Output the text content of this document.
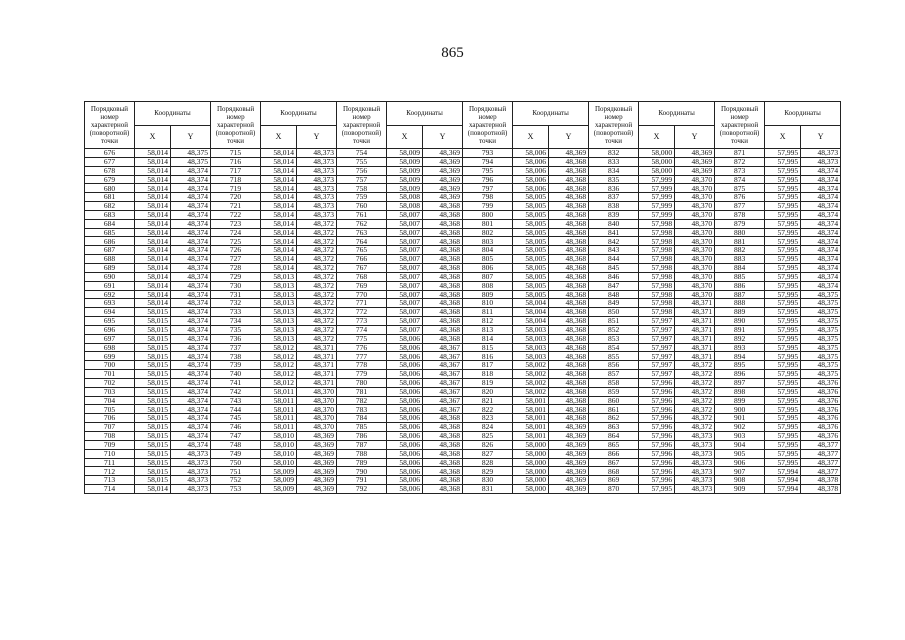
865
Порядковый номер характерной (поворотной) точки	Координаты		Порядковый номер характерной (поворотной) точки	Координаты		Порядковый номер характерной (поворотной) точки	Координаты		Порядковый номер характерной (поворотной) точки	Координаты		Порядковый номер характерной (поворотной) точки	Координаты		Порядковый номер характерной (поворотной) точки	Координаты	
	X	Y		X	Y		X	Y		X	Y		X	Y		X	Y
676	58,014	48,375	715	58,014	48,373	754	58,009	48,369	793	58,006	48,369	832	58,000	48,369	871	57,995	48,373
677	58,014	48,375	716	58,014	48,373	755	58,009	48,369	794	58,006	48,368	833	58,000	48,369	872	57,995	48,373
678	58,014	48,374	717	58,014	48,373	756	58,009	48,369	795	58,006	48,368	834	58,000	48,369	873	57,995	48,374
679	58,014	48,374	718	58,014	48,373	757	58,009	48,369	796	58,006	48,368	835	57,999	48,370	874	57,995	48,374
680	58,014	48,374	719	58,014	48,373	758	58,009	48,369	797	58,006	48,368	836	57,999	48,370	875	57,995	48,374
681	58,014	48,374	720	58,014	48,373	759	58,008	48,369	798	58,005	48,368	837	57,999	48,370	876	57,995	48,374
682	58,014	48,374	721	58,014	48,373	760	58,008	48,368	799	58,005	48,368	838	57,999	48,370	877	57,995	48,374
683	58,014	48,374	722	58,014	48,373	761	58,007	48,368	800	58,005	48,368	839	57,999	48,370	878	57,995	48,374
684	58,014	48,374	723	58,014	48,372	762	58,007	48,368	801	58,005	48,368	840	57,998	48,370	879	57,995	48,374
685	58,014	48,374	724	58,014	48,372	763	58,007	48,368	802	58,005	48,368	841	57,998	48,370	880	57,995	48,374
686	58,014	48,374	725	58,014	48,372	764	58,007	48,368	803	58,005	48,368	842	57,998	48,370	881	57,995	48,374
687	58,014	48,374	726	58,014	48,372	765	58,007	48,368	804	58,005	48,368	843	57,998	48,370	882	57,995	48,374
688	58,014	48,374	727	58,014	48,372	766	58,007	48,368	805	58,005	48,368	844	57,998	48,370	883	57,995	48,374
689	58,014	48,374	728	58,014	48,372	767	58,007	48,368	806	58,005	48,368	845	57,998	48,370	884	57,995	48,374
690	58,014	48,374	729	58,013	48,372	768	58,007	48,368	807	58,005	48,368	846	57,998	48,370	885	57,995	48,374
691	58,014	48,374	730	58,013	48,372	769	58,007	48,368	808	58,005	48,368	847	57,998	48,370	886	57,995	48,374
692	58,014	48,374	731	58,013	48,372	770	58,007	48,368	809	58,005	48,368	848	57,998	48,370	887	57,995	48,375
693	58,014	48,374	732	58,013	48,372	771	58,007	48,368	810	58,004	48,368	849	57,998	48,371	888	57,995	48,375
694	58,015	48,374	733	58,013	48,372	772	58,007	48,368	811	58,004	48,368	850	57,998	48,371	889	57,995	48,375
695	58,015	48,374	734	58,013	48,372	773	58,007	48,368	812	58,004	48,368	851	57,997	48,371	890	57,995	48,375
696	58,015	48,374	735	58,013	48,372	774	58,007	48,368	813	58,003	48,368	852	57,997	48,371	891	57,995	48,375
697	58,015	48,374	736	58,013	48,372	775	58,006	48,368	814	58,003	48,368	853	57,997	48,371	892	57,995	48,375
698	58,015	48,374	737	58,012	48,371	776	58,006	48,367	815	58,003	48,368	854	57,997	48,371	893	57,995	48,375
699	58,015	48,374	738	58,012	48,371	777	58,006	48,367	816	58,003	48,368	855	57,997	48,371	894	57,995	48,375
700	58,015	48,374	739	58,012	48,371	778	58,006	48,367	817	58,002	48,368	856	57,997	48,372	895	57,995	48,375
701	58,015	48,374	740	58,012	48,371	779	58,006	48,367	818	58,002	48,368	857	57,997	48,372	896	57,995	48,375
702	58,015	48,374	741	58,012	48,371	780	58,006	48,367	819	58,002	48,368	858	57,996	48,372	897	57,995	48,376
703	58,015	48,374	742	58,011	48,370	781	58,006	48,367	820	58,002	48,368	859	57,996	48,372	898	57,995	48,376
704	58,015	48,374	743	58,011	48,370	782	58,006	48,367	821	58,001	48,368	860	57,996	48,372	899	57,995	48,376
705	58,015	48,374	744	58,011	48,370	783	58,006	48,367	822	58,001	48,368	861	57,996	48,372	900	57,995	48,376
706	58,015	48,374	745	58,011	48,370	784	58,006	48,368	823	58,001	48,368	862	57,996	48,372	901	57,995	48,376
707	58,015	48,374	746	58,011	48,370	785	58,006	48,368	824	58,001	48,369	863	57,996	48,372	902	57,995	48,376
708	58,015	48,374	747	58,010	48,369	786	58,006	48,368	825	58,001	48,369	864	57,996	48,373	903	57,995	48,376
709	58,015	48,374	748	58,010	48,369	787	58,006	48,368	826	58,000	48,369	865	57,996	48,373	904	57,995	48,377
710	58,015	48,373	749	58,010	48,369	788	58,006	48,368	827	58,000	48,369	866	57,996	48,373	905	57,995	48,377
711	58,015	48,373	750	58,010	48,369	789	58,006	48,368	828	58,000	48,369	867	57,996	48,373	906	57,995	48,377
712	58,015	48,373	751	58,009	48,369	790	58,006	48,368	829	58,000	48,369	868	57,996	48,373	907	57,994	48,377
713	58,015	48,373	752	58,009	48,369	791	58,006	48,368	830	58,000	48,369	869	57,996	48,373	908	57,994	48,378
714	58,014	48,373	753	58,009	48,369	792	58,006	48,368	831	58,000	48,369	870	57,995	48,373	909	57,994	48,378
